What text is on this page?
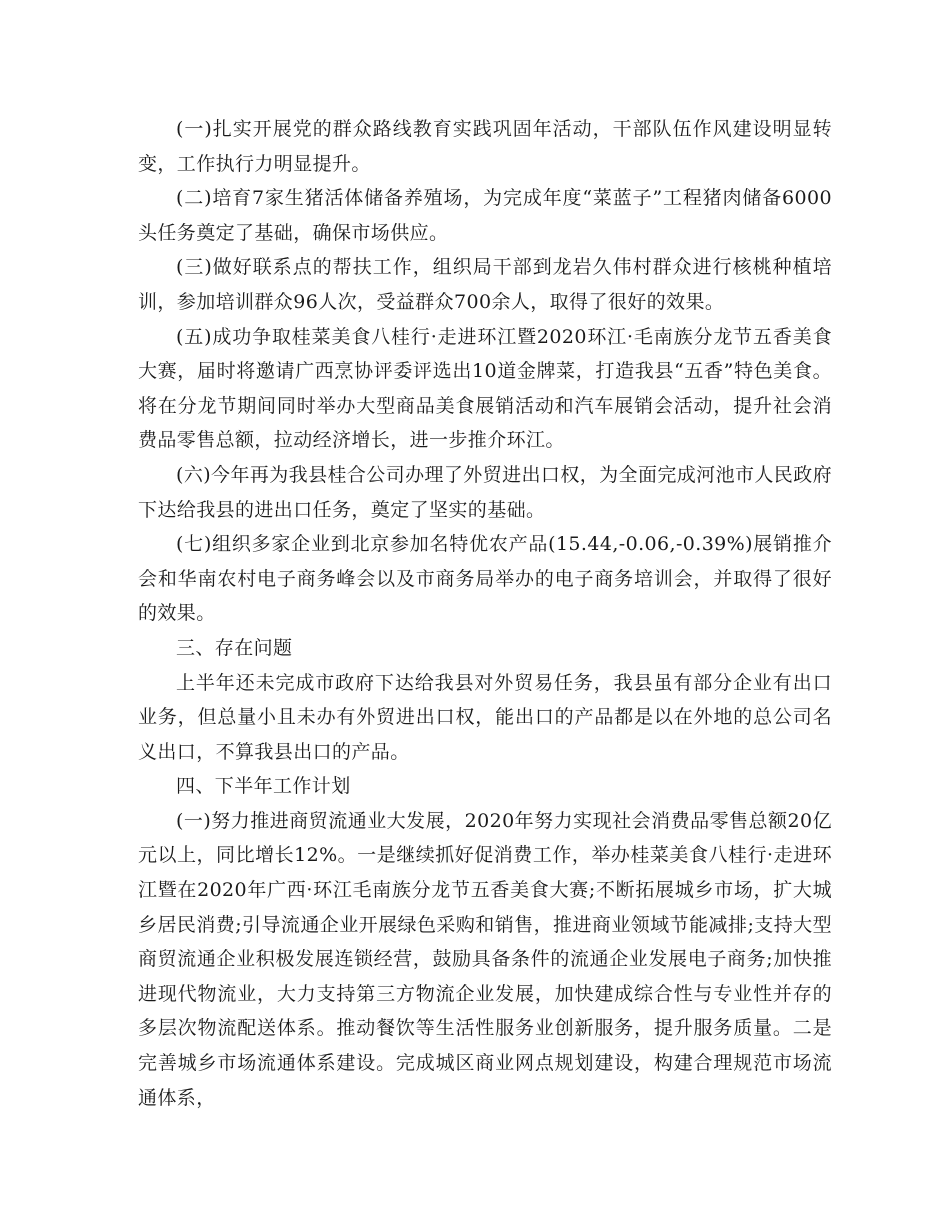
(一)扎实开展党的群众路线教育实践巩固年活动，干部队伍作风建设明显转变，工作执行力明显提升。

(二)培育7家生猪活体储备养殖场，为完成年度“菜蓝子”工程猪肉储备6000头任务奠定了基础，确保市场供应。

(三)做好联系点的帮扶工作，组织局干部到龙岩久伟村群众进行核桃种植培训，参加培训群众96人次，受益群众700余人，取得了很好的效果。

(五)成功争取桂菜美食八桂行·走进环江暨2020环江·毛南族分龙节五香美食大赛，届时将邀请广西烹协评委评选出10道金牌菜，打造我县“五香”特色美食。将在分龙节期间同时举办大型商品美食展销活动和汽车展销会活动，提升社会消费品零售总额，拉动经济增长，进一步推介环江。

(六)今年再为我县桂合公司办理了外贸进出口权，为全面完成河池市人民政府下达给我县的进出口任务，奠定了坚实的基础。

(七)组织多家企业到北京参加名特优农产品(15.44,-0.06,-0.39%)展销推介会和华南农村电子商务峰会以及市商务局举办的电子商务培训会，并取得了很好的效果。

三、存在问题

上半年还未完成市政府下达给我县对外贸易任务，我县虽有部分企业有出口业务，但总量小且未办有外贸进出口权，能出口的产品都是以在外地的总公司名义出口，不算我县出口的产品。

四、下半年工作计划

(一)努力推进商贸流通业大发展，2020年努力实现社会消费品零售总额20亿元以上，同比增长12%。一是继续抓好促消费工作，举办桂菜美食八桂行·走进环江暨在2020年广西·环江毛南族分龙节五香美食大赛;不断拓展城乡市场，扩大城乡居民消费;引导流通企业开展绿色采购和销售，推进商业领域节能减排;支持大型商贸流通企业积极发展连锁经营，鼓励具备条件的流通企业发展电子商务;加快推进现代物流业，大力支持第三方物流企业发展，加快建成综合性与专业性并存的多层次物流配送体系。推动餐饮等生活性服务业创新服务，提升服务质量。二是完善城乡市场流通体系建设。完成城区商业网点规划建设，构建合理规范市场流通体系，
